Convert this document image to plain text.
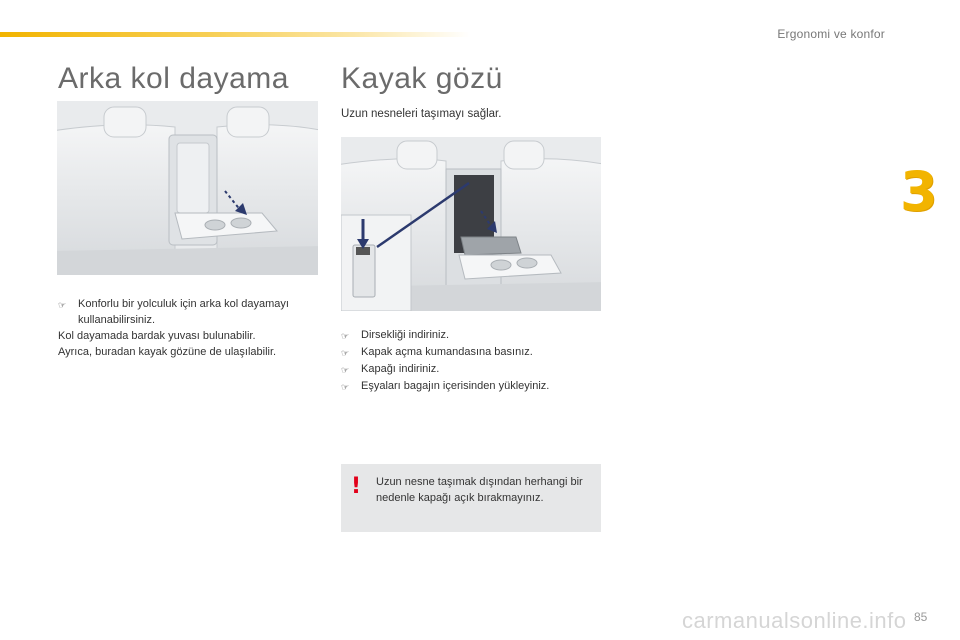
Ergonomi ve konfor
3
Arka kol dayama Kayak gözü
Uzun nesneleri taşımayı sağlar.
☞	Konforlu bir yolculuk için arka kol dayamayı kullanabilirsiniz.

Kol dayamada bardak yuvası bulunabilir.

Ayrıca, buradan kayak gözüne de ulaşılabilir.

☞	Dirsekliği indiriniz.
☞	Kapak açma kumandasına basınız.
☞	Kapağı indiriniz.
☞	Eşyaları bagajın içerisinden yükleyiniz.
! Uzun nesne taşımak dışından herhangi bir nedenle kapağı açık bırakmayınız.
85
carmanualsonline.info
